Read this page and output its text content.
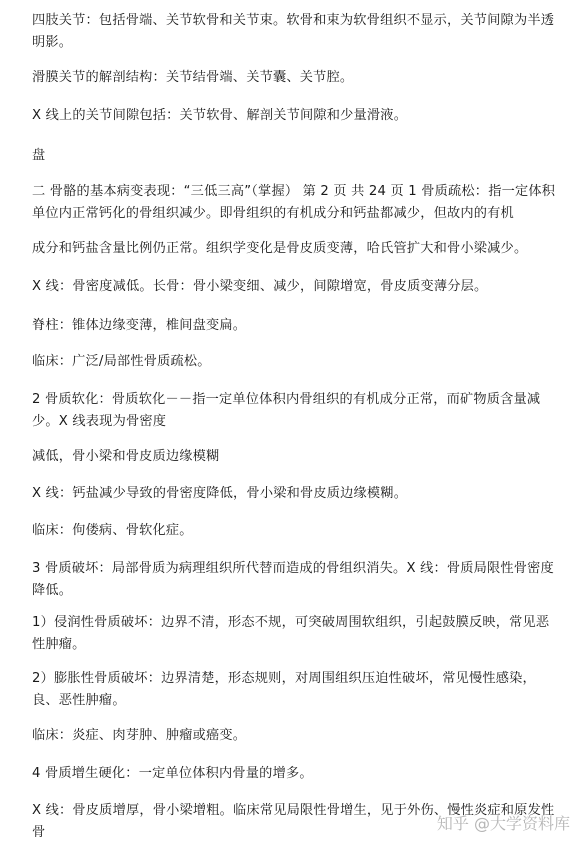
四肢关节：包括骨端、关节软骨和关节束。软骨和束为软骨组织不显示，关节间隙为半透明影。

滑膜关节的解剖结构：关节结骨端、关节囊、关节腔。

X 线上的关节间隙包括：关节软骨、解剖关节间隙和少量滑液。

盘

二 骨骼的基本病变表现：“三低三高”（掌握） 第 2 页 共 24 页 1 骨质疏松：指一定体积单位内正常钙化的骨组织减少。即骨组织的有机成分和钙盐都减少，但故内的有机

成分和钙盐含量比例仍正常。组织学变化是骨皮质变薄，哈氏管扩大和骨小梁减少。

X 线：骨密度减低。长骨：骨小梁变细、减少，间隙增宽，骨皮质变薄分层。

脊柱：锥体边缘变薄，椎间盘变扁。

临床：广泛/局部性骨质疏松。

2 骨质软化：骨质软化－－指一定单位体积内骨组织的有机成分正常，而矿物质含量减少。X 线表现为骨密度

减低，骨小梁和骨皮质边缘模糊

X 线：钙盐减少导致的骨密度降低，骨小梁和骨皮质边缘模糊。

临床：佝偻病、骨软化症。

3 骨质破坏：局部骨质为病理组织所代替而造成的骨组织消失。X 线：骨质局限性骨密度降低。

1）侵润性骨质破坏：边界不清，形态不规，可突破周围软组织，引起鼓膜反映，常见恶性肿瘤。

2）膨胀性骨质破坏：边界清楚，形态规则，对周围组织压迫性破坏，常见慢性感染，良、恶性肿瘤。

临床：炎症、肉芽肿、肿瘤或癌变。

4 骨质增生硬化：一定单位体积内骨量的增多。

X 线：骨皮质增厚，骨小梁增粗。临床常见局限性骨增生，见于外伤、慢性炎症和原发性骨	知乎 @大学资料库
